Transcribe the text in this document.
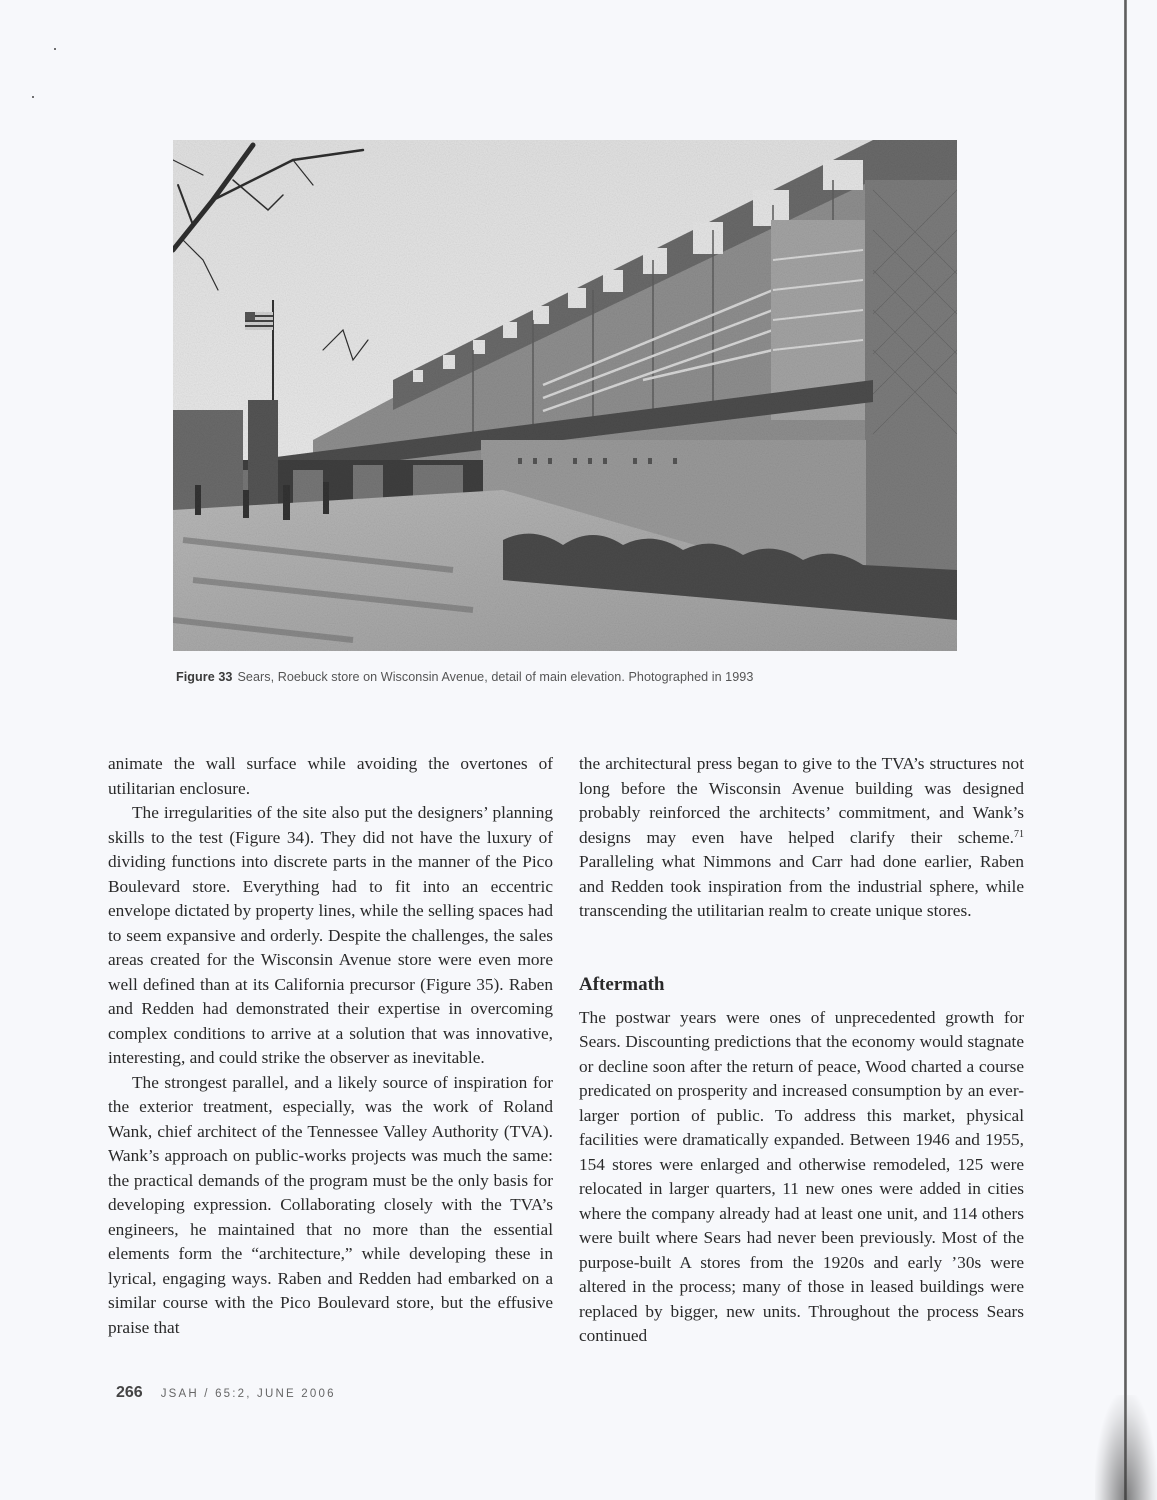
Figure 33 Sears, Roebuck store on Wisconsin Avenue, detail of main elevation. Photographed in 1993

animate the wall surface while avoiding the overtones of utilitarian enclosure.

The irregularities of the site also put the designers’ planning skills to the test (Figure 34). They did not have the luxury of dividing functions into discrete parts in the manner of the Pico Boulevard store. Everything had to fit into an eccentric envelope dictated by property lines, while the selling spaces had to seem expansive and orderly. Despite the challenges, the sales areas created for the Wisconsin Avenue store were even more well defined than at its California precursor (Figure 35). Raben and Redden had demonstrated their expertise in overcoming complex conditions to arrive at a solution that was innovative, interesting, and could strike the observer as inevitable.

The strongest parallel, and a likely source of inspiration for the exterior treatment, especially, was the work of Roland Wank, chief architect of the Tennessee Valley Authority (TVA). Wank’s approach on public-works projects was much the same: the practical demands of the program must be the only basis for developing expression. Collaborating closely with the TVA’s engineers, he maintained that no more than the essential elements form the “architecture,” while developing these in lyrical, engaging ways. Raben and Redden had embarked on a similar course with the Pico Boulevard store, but the effusive praise that

the architectural press began to give to the TVA’s structures not long before the Wisconsin Avenue building was designed probably reinforced the architects’ commitment, and Wank’s designs may even have helped clarify their scheme.$^{71}$ Paralleling what Nimmons and Carr had done earlier, Raben and Redden took inspiration from the industrial sphere, while transcending the utilitarian realm to create unique stores.

Aftermath

The postwar years were ones of unprecedented growth for Sears. Discounting predictions that the economy would stagnate or decline soon after the return of peace, Wood charted a course predicated on prosperity and increased consumption by an ever-larger portion of public. To address this market, physical facilities were dramatically expanded. Between 1946 and 1955, 154 stores were enlarged and otherwise remodeled, 125 were relocated in larger quarters, 11 new ones were added in cities where the company already had at least one unit, and 114 others were built where Sears had never been previously. Most of the purpose-built A stores from the 1920s and early ’30s were altered in the process; many of those in leased buildings were replaced by bigger, new units. Throughout the process Sears continued

266 JSAH / 65:2, JUNE 2006
